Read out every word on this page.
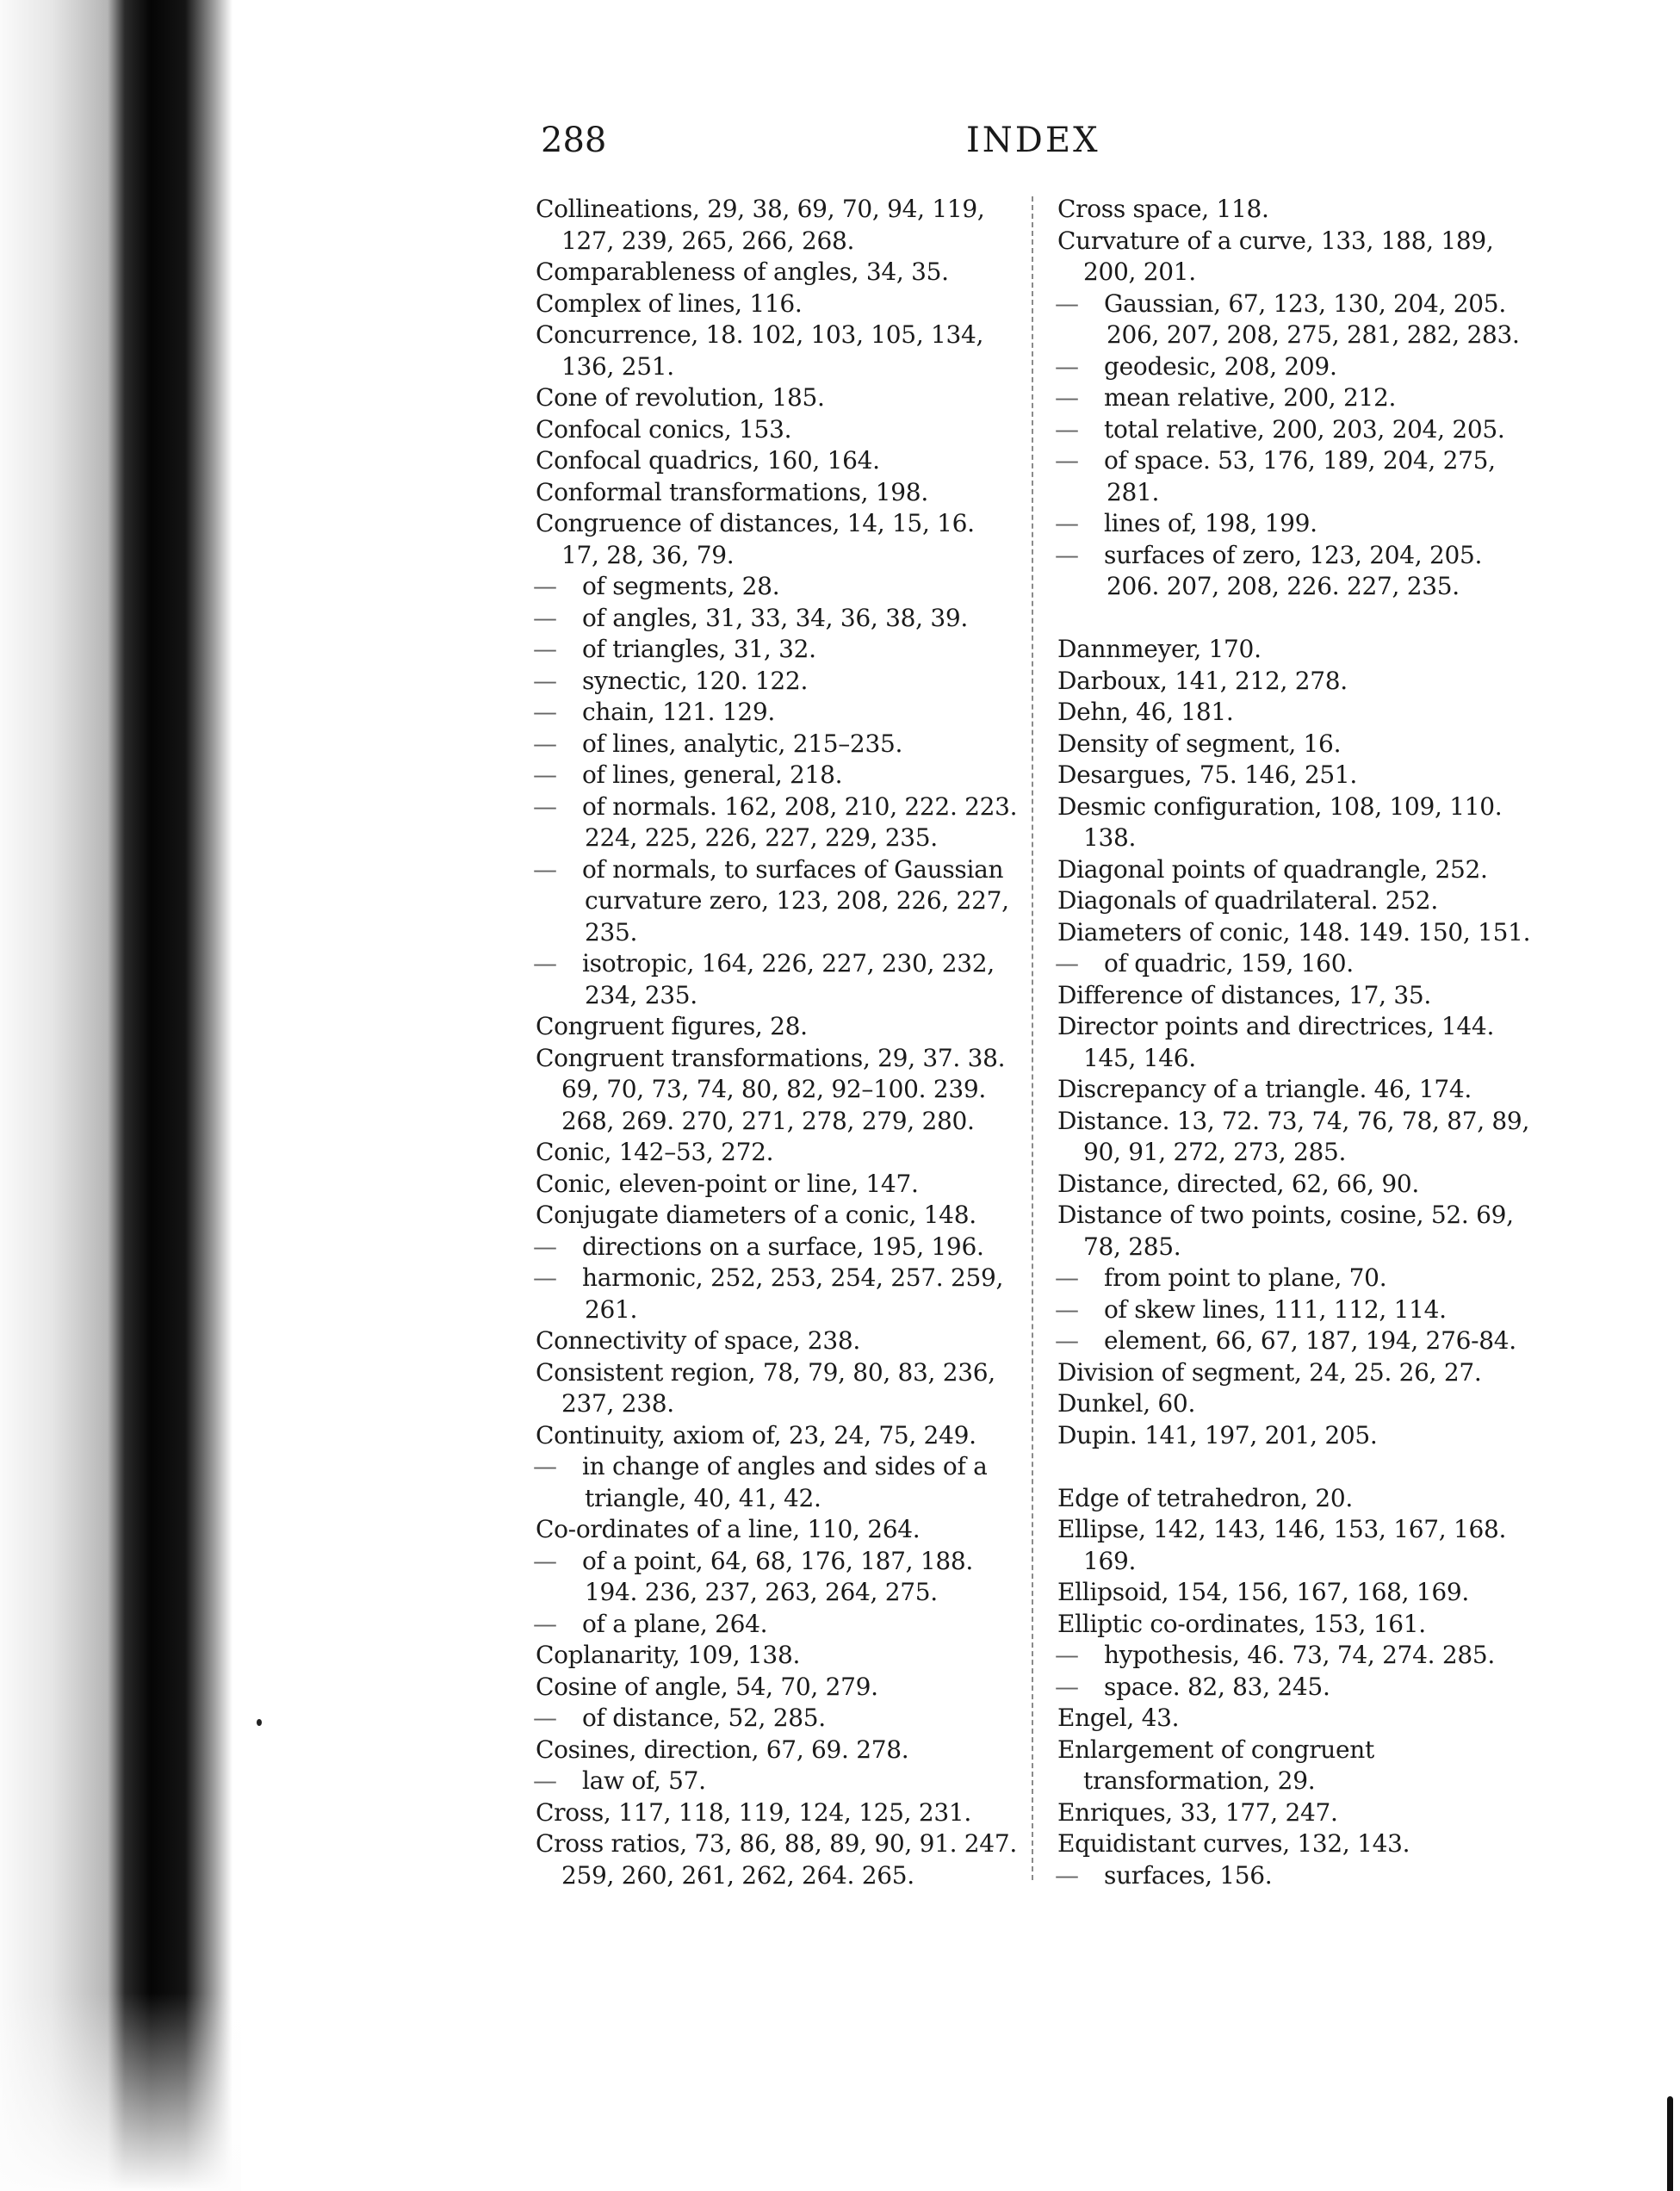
288	INDEX

Collineations, 29, 38, 69, 70, 94, 119, 127, 239, 265, 266, 268.

Comparableness of angles, 34, 35.

Complex of lines, 116.

Concurrence, 18. 102, 103, 105, 134, 136, 251.

Cone of revolution, 185.

Confocal conics, 153.

Confocal quadrics, 160, 164.

Conformal transformations, 198.

Congruence of distances, 14, 15, 16. 17, 28, 36, 79.

— of segments, 28.

— of angles, 31, 33, 34, 36, 38, 39.

— of triangles, 31, 32.

— synectic, 120. 122.

— chain, 121. 129.

— of lines, analytic, 215–235.

— of lines, general, 218.

— of normals. 162, 208, 210, 222. 223. 224, 225, 226, 227, 229, 235.

— of normals, to surfaces of Gaussian curvature zero, 123, 208, 226, 227, 235.

— isotropic, 164, 226, 227, 230, 232, 234, 235.

Congruent figures, 28.

Congruent transformations, 29, 37. 38. 69, 70, 73, 74, 80, 82, 92–100. 239. 268, 269. 270, 271, 278, 279, 280.

Conic, 142–53, 272.

Conic, eleven-point or line, 147.

Conjugate diameters of a conic, 148.

— directions on a surface, 195, 196.

— harmonic, 252, 253, 254, 257. 259, 261.

Connectivity of space, 238.

Consistent region, 78, 79, 80, 83, 236, 237, 238.

Continuity, axiom of, 23, 24, 75, 249.

— in change of angles and sides of a triangle, 40, 41, 42.

Co-ordinates of a line, 110, 264.

— of a point, 64, 68, 176, 187, 188. 194. 236, 237, 263, 264, 275.

— of a plane, 264.

Coplanarity, 109, 138.

Cosine of angle, 54, 70, 279.

— of distance, 52, 285.

Cosines, direction, 67, 69. 278.

— law of, 57.

Cross, 117, 118, 119, 124, 125, 231.

Cross ratios, 73, 86, 88, 89, 90, 91. 247. 259, 260, 261, 262, 264. 265.

Cross space, 118.

Curvature of a curve, 133, 188, 189, 200, 201.

— Gaussian, 67, 123, 130, 204, 205. 206, 207, 208, 275, 281, 282, 283.

— geodesic, 208, 209.

— mean relative, 200, 212.

— total relative, 200, 203, 204, 205.

— of space. 53, 176, 189, 204, 275, 281.

— lines of, 198, 199.

— surfaces of zero, 123, 204, 205. 206. 207, 208, 226. 227, 235.

Dannmeyer, 170.

Darboux, 141, 212, 278.

Dehn, 46, 181.

Density of segment, 16.

Desargues, 75. 146, 251.

Desmic configuration, 108, 109, 110. 138.

Diagonal points of quadrangle, 252.

Diagonals of quadrilateral. 252.

Diameters of conic, 148. 149. 150, 151.

— of quadric, 159, 160.

Difference of distances, 17, 35.

Director points and directrices, 144. 145, 146.

Discrepancy of a triangle. 46, 174.

Distance. 13, 72. 73, 74, 76, 78, 87, 89, 90, 91, 272, 273, 285.

Distance, directed, 62, 66, 90.

Distance of two points, cosine, 52. 69, 78, 285.

— from point to plane, 70.

— of skew lines, 111, 112, 114.

— element, 66, 67, 187, 194, 276-84.

Division of segment, 24, 25. 26, 27.

Dunkel, 60.

Dupin. 141, 197, 201, 205.

Edge of tetrahedron, 20.

Ellipse, 142, 143, 146, 153, 167, 168. 169.

Ellipsoid, 154, 156, 167, 168, 169.

Elliptic co-ordinates, 153, 161.

— hypothesis, 46. 73, 74, 274. 285.

— space. 82, 83, 245.

Engel, 43.

Enlargement of congruent transformation, 29.

Enriques, 33, 177, 247.

Equidistant curves, 132, 143.

— surfaces, 156.
